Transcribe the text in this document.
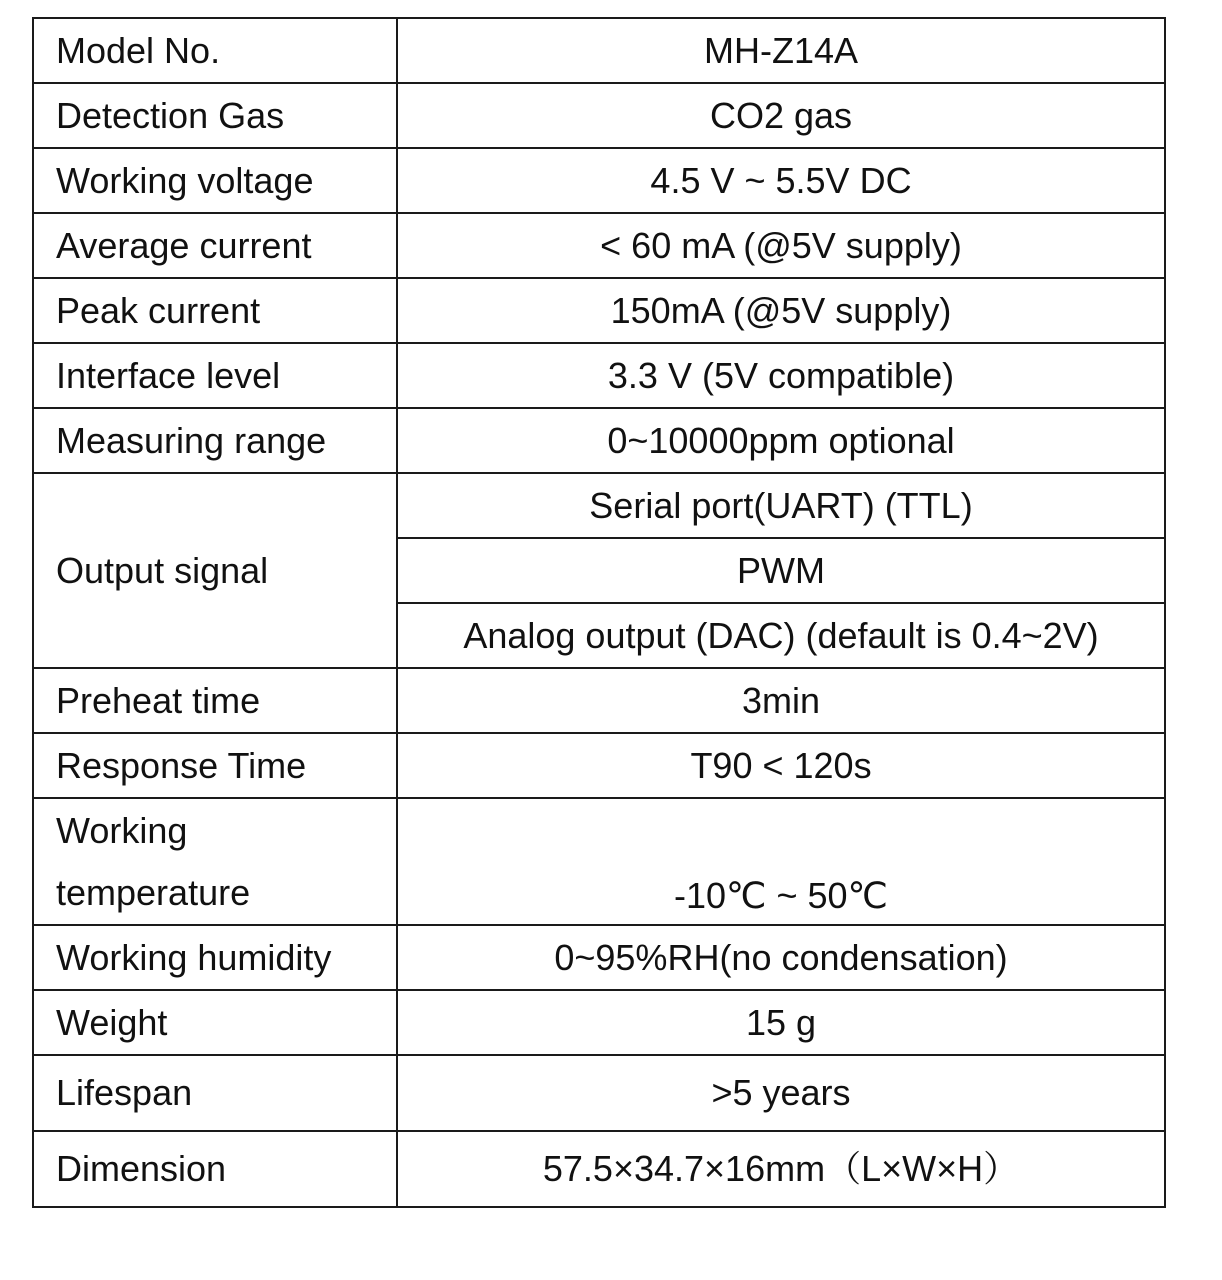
Model No.	MH-Z14A
Detection Gas	CO2 gas
Working voltage	4.5 V ~ 5.5V DC
Average current	< 60 mA (@5V supply)
Peak current	150mA (@5V supply)
Interface level	3.3 V (5V compatible)
Measuring range	0~10000ppm optional
Output signal	Serial port(UART) (TTL)
	PWM
	Analog output (DAC) (default is 0.4~2V)
Preheat time	3min
Response Time	T90 < 120s
Working
temperature	-10℃ ~ 50℃
Working humidity	0~95%RH(no condensation)
Weight	15 g
Lifespan	>5 years
Dimension	57.5×34.7×16mm（L×W×H）
